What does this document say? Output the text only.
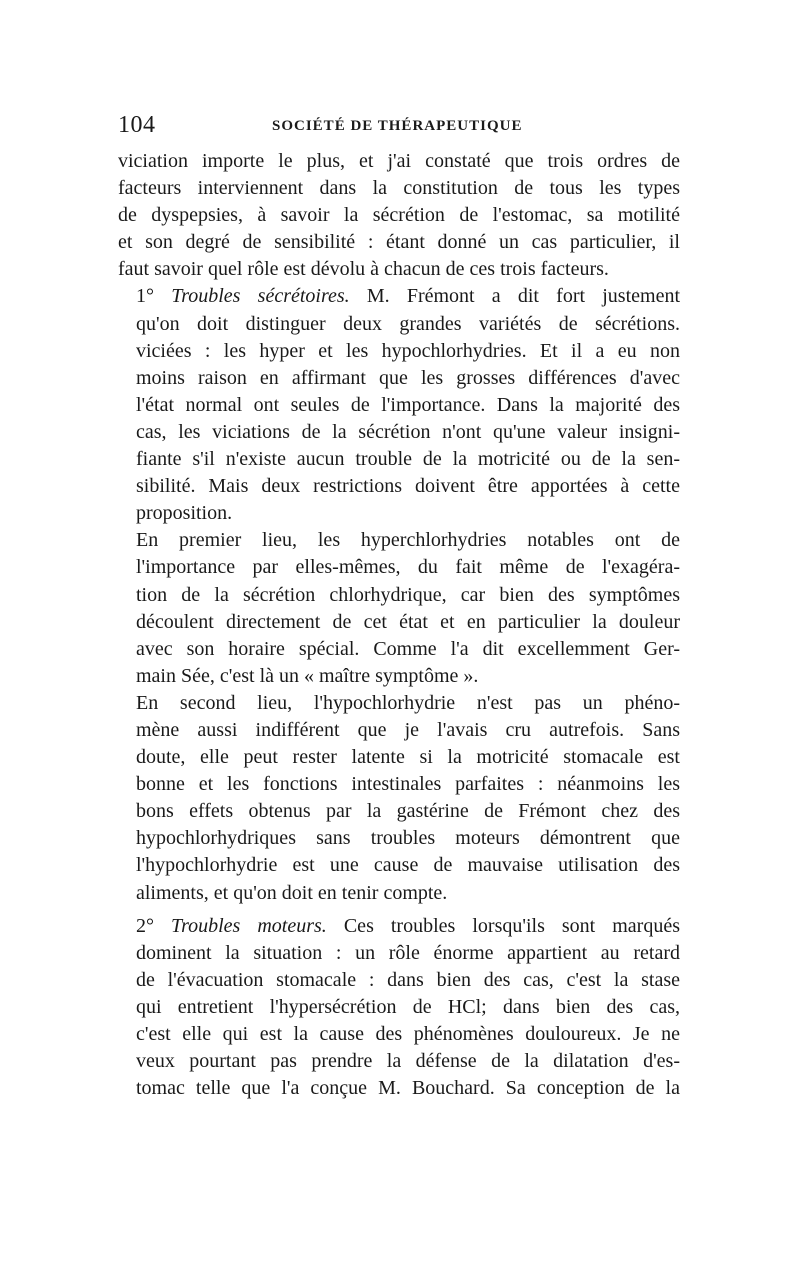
104	SOCIÉTÉ DE THÉRAPEUTIQUE

viciation importe le plus, et j'ai constaté que trois ordres de
facteurs interviennent dans la constitution de tous les types
de dyspepsies, à savoir la sécrétion de l'estomac, sa motilité
et son degré de sensibilité : étant donné un cas particulier, il
faut savoir quel rôle est dévolu à chacun de ces trois facteurs.

1° Troubles sécrétoires. M. Frémont a dit fort justement
qu'on doit distinguer deux grandes variétés de sécrétions.
viciées : les hyper et les hypochlorhydries. Et il a eu non
moins raison en affirmant que les grosses différences d'avec
l'état normal ont seules de l'importance. Dans la majorité des
cas, les viciations de la sécrétion n'ont qu'une valeur insigni-
fiante s'il n'existe aucun trouble de la motricité ou de la sen-
sibilité. Mais deux restrictions doivent être apportées à cette
proposition.

En premier lieu, les hyperchlorhydries notables ont de
l'importance par elles-mêmes, du fait même de l'exagéra-
tion de la sécrétion chlorhydrique, car bien des symptômes
découlent directement de cet état et en particulier la douleur
avec son horaire spécial. Comme l'a dit excellemment Ger-
main Sée, c'est là un « maître symptôme ».

En second lieu, l'hypochlorhydrie n'est pas un phéno-
mène aussi indifférent que je l'avais cru autrefois. Sans
doute, elle peut rester latente si la motricité stomacale est
bonne et les fonctions intestinales parfaites : néanmoins les
bons effets obtenus par la gastérine de Frémont chez des
hypochlorhydriques sans troubles moteurs démontrent que
l'hypochlorhydrie est une cause de mauvaise utilisation des
aliments, et qu'on doit en tenir compte.

2° Troubles moteurs. Ces troubles lorsqu'ils sont marqués
dominent la situation : un rôle énorme appartient au retard
de l'évacuation stomacale : dans bien des cas, c'est la stase
qui entretient l'hypersécrétion de HCl; dans bien des cas,
c'est elle qui est la cause des phénomènes douloureux. Je ne
veux pourtant pas prendre la défense de la dilatation d'es-
tomac telle que l'a conçue M. Bouchard. Sa conception de la
